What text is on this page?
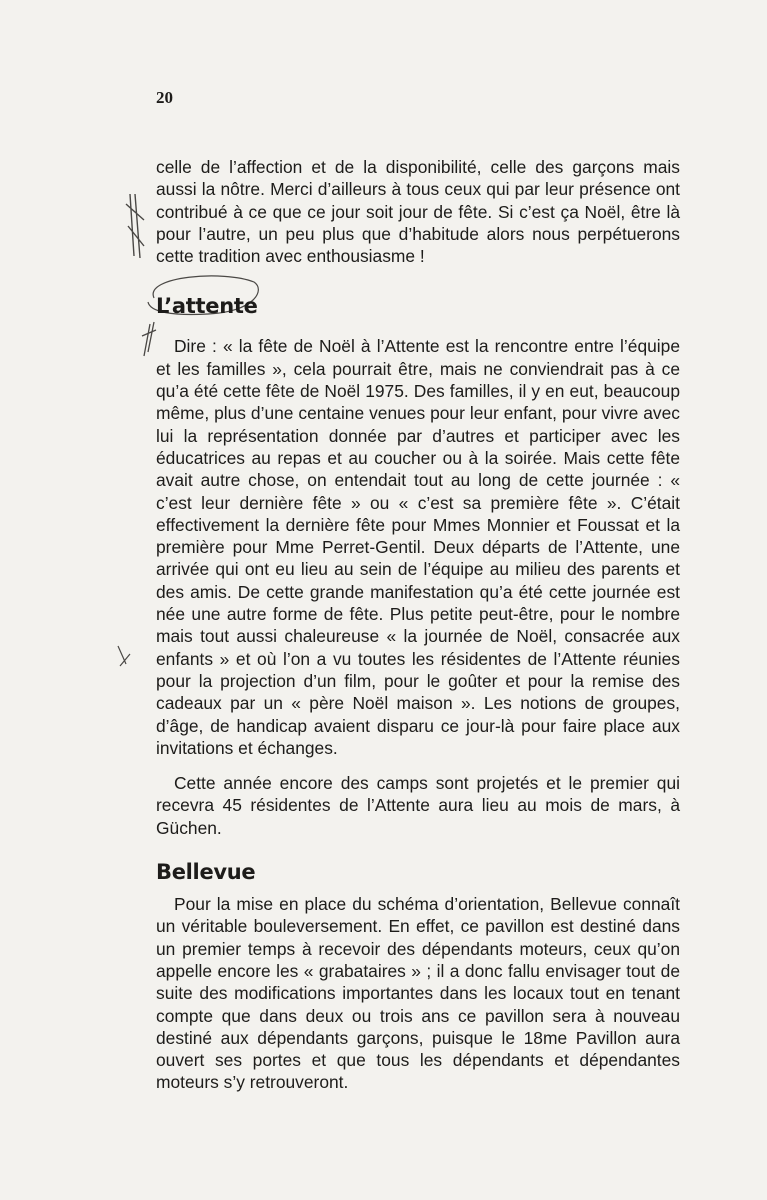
20

celle de l’affection et de la disponibilité, celle des garçons mais aussi la nôtre. Merci d’ailleurs à tous ceux qui par leur présence ont contribué à ce que ce jour soit jour de fête. Si c’est ça Noël, être là pour l’autre, un peu plus que d’habitude alors nous perpétuerons cette tradition avec enthousiasme !

L’attente

Dire : « la fête de Noël à l’Attente est la rencontre entre l’équipe et les familles », cela pourrait être, mais ne conviendrait pas à ce qu’a été cette fête de Noël 1975. Des familles, il y en eut, beaucoup même, plus d’une centaine venues pour leur enfant, pour vivre avec lui la représentation donnée par d’autres et participer avec les éducatrices au repas et au coucher ou à la soirée. Mais cette fête avait autre chose, on entendait tout au long de cette journée : « c’est leur dernière fête » ou « c’est sa première fête ». C’était effectivement la dernière fête pour Mmes Monnier et Foussat et la première pour Mme Perret-Gentil. Deux départs de l’Attente, une arrivée qui ont eu lieu au sein de l’équipe au milieu des parents et des amis. De cette grande manifestation qu’a été cette journée est née une autre forme de fête. Plus petite peut-être, pour le nombre mais tout aussi chaleureuse « la journée de Noël, consacrée aux enfants » et où l’on a vu toutes les résidentes de l’Attente réunies pour la projection d’un film, pour le goûter et pour la remise des cadeaux par un « père Noël maison ». Les notions de groupes, d’âge, de handicap avaient disparu ce jour-là pour faire place aux invitations et échanges.

Cette année encore des camps sont projetés et le premier qui recevra 45 résidentes de l’Attente aura lieu au mois de mars, à Güchen.

Bellevue

Pour la mise en place du schéma d’orientation, Bellevue connaît un véritable bouleversement. En effet, ce pavillon est destiné dans un premier temps à recevoir des dépendants moteurs, ceux qu’on appelle encore les « grabataires » ; il a donc fallu envisager tout de suite des modifications importantes dans les locaux tout en tenant compte que dans deux ou trois ans ce pavillon sera à nouveau destiné aux dépendants garçons, puisque le 18me Pavillon aura ouvert ses portes et que tous les dépendants et dépendantes moteurs s’y retrouveront.
